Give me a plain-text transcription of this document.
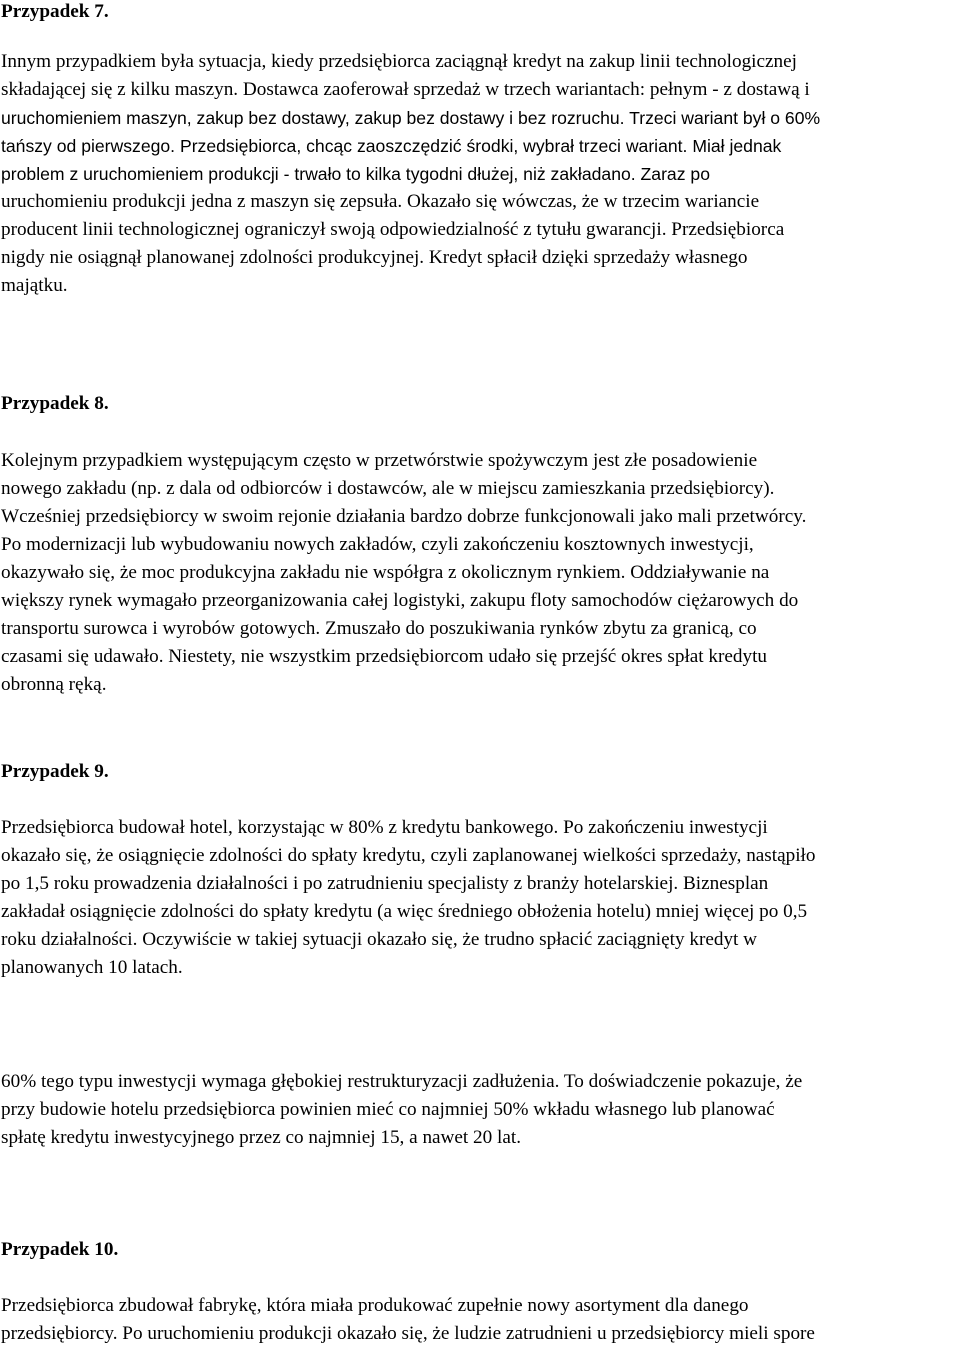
Przypadek 7.
Innym przypadkiem była sytuacja, kiedy przedsiębiorca zaciągnął kredyt na zakup linii technologicznej
składającej się z kilku maszyn. Dostawca zaoferował sprzedaż w trzech wariantach: pełnym - z dostawą i
uruchomieniem maszyn, zakup bez dostawy, zakup bez dostawy i bez rozruchu. Trzeci wariant był o 60%
tańszy od pierwszego. Przedsiębiorca, chcąc zaoszczędzić środki, wybrał trzeci wariant. Miał jednak
problem z uruchomieniem produkcji - trwało to kilka tygodni dłużej, niż zakładano. Zaraz po
uruchomieniu produkcji jedna z maszyn się zepsuła. Okazało się wówczas, że w trzecim wariancie
producent linii technologicznej ograniczył swoją odpowiedzialność z tytułu gwarancji. Przedsiębiorca
nigdy nie osiągnął planowanej zdolności produkcyjnej. Kredyt spłacił dzięki sprzedaży własnego
majątku.
Przypadek 8.
Kolejnym przypadkiem występującym często w przetwórstwie spożywczym jest złe posadowienie
nowego zakładu (np. z dala od odbiorców i dostawców, ale w miejscu zamieszkania przedsiębiorcy).
Wcześniej przedsiębiorcy w swoim rejonie działania bardzo dobrze funkcjonowali jako mali przetwórcy.
Po modernizacji lub wybudowaniu nowych zakładów, czyli zakończeniu kosztownych inwestycji,
okazywało się, że moc produkcyjna zakładu nie współgra z okolicznym rynkiem. Oddziaływanie na
większy rynek wymagało przeorganizowania całej logistyki, zakupu floty samochodów ciężarowych do
transportu surowca i wyrobów gotowych. Zmuszało do poszukiwania rynków zbytu za granicą, co
czasami się udawało. Niestety, nie wszystkim przedsiębiorcom udało się przejść okres spłat kredytu
obronną ręką.
Przypadek 9.
Przedsiębiorca budował hotel, korzystając w 80% z kredytu bankowego. Po zakończeniu inwestycji
okazało się, że osiągnięcie zdolności do spłaty kredytu, czyli zaplanowanej wielkości sprzedaży, nastąpiło
po 1,5 roku prowadzenia działalności i po zatrudnieniu specjalisty z branży hotelarskiej. Biznesplan
zakładał osiągnięcie zdolności do spłaty kredytu (a więc średniego obłożenia hotelu) mniej więcej po 0,5
roku działalności. Oczywiście w takiej sytuacji okazało się, że trudno spłacić zaciągnięty kredyt w
planowanych 10 latach.
60% tego typu inwestycji wymaga głębokiej restrukturyzacji zadłużenia. To doświadczenie pokazuje, że
przy budowie hotelu przedsiębiorca powinien mieć co najmniej 50% wkładu własnego lub planować
spłatę kredytu inwestycyjnego przez co najmniej 15, a nawet 20 lat.
Przypadek 10.
Przedsiębiorca zbudował fabrykę, która miała produkować zupełnie nowy asortyment dla danego
przedsiębiorcy. Po uruchomieniu produkcji okazało się, że ludzie zatrudnieni u przedsiębiorcy mieli spore
